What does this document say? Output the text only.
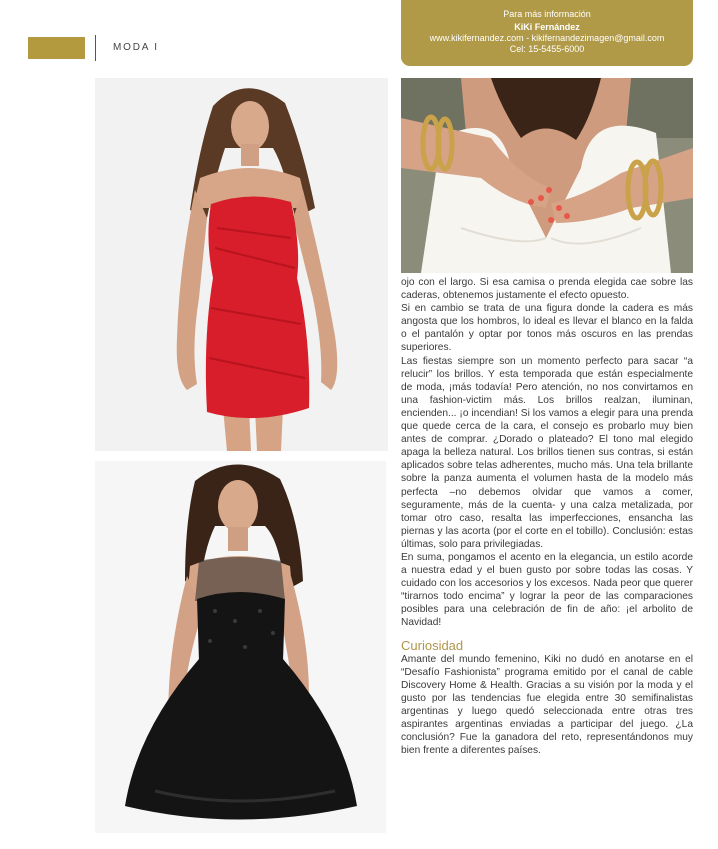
MODA I
Para más información
KiKi Fernández
www.kikifernandez.com - kikifernandezimagen@gmail.com
Cel: 15-5455-6000

ojo con el largo. Si esa camisa o prenda elegida cae sobre las caderas, obtenemos justamente el efecto opuesto.

Si en cambio se trata de una figura donde la cadera es más angosta que los hombros, lo ideal es llevar el blanco en la falda o el pantalón y optar por tonos más oscuros en las prendas superiores.

Las fiestas siempre son un momento perfecto para sacar “a relucir” los brillos. Y esta temporada que están especialmente de moda, ¡más todavía! Pero atención, no nos convirtamos en una fashion-victim más. Los brillos realzan, iluminan, encienden... ¡o incendian! Si los vamos a elegir para una prenda que quede cerca de la cara, el consejo es probarlo muy bien antes de comprar. ¿Dorado o plateado? El tono mal elegido apaga la belleza natural. Los brillos tienen sus contras, si están aplicados sobre telas adherentes, mucho más. Una tela brillante sobre la panza aumenta el volumen hasta de la modelo más perfecta –no debemos olvidar que vamos a comer, seguramente, más de la cuenta- y una calza metalizada, por tomar otro caso, resalta las imperfecciones, ensancha las piernas y las acorta (por el corte en el tobillo). Conclusión: estas últimas, solo para privilegiadas.

En suma, pongamos el acento en la elegancia, un estilo acorde a nuestra edad y el buen gusto por sobre todas las cosas. Y cuidado con los accesorios y los excesos. Nada peor que querer “tirarnos todo encima” y lograr la peor de las comparaciones posibles para una celebración de fin de año: ¡el arbolito de Navidad!

Curiosidad

Amante del mundo femenino, Kiki no dudó en anotarse en el “Desafío Fashionista” programa emitido por el canal de cable Discovery Home & Health. Gracias a su visión por la moda y el gusto por las tendencias fue elegida entre 30 semifinalistas argentinas y luego quedó seleccionada entre otras tres aspirantes argentinas enviadas a participar del juego. ¿La conclusión? Fue la ganadora del reto, representándonos muy bien frente a diferentes países.
